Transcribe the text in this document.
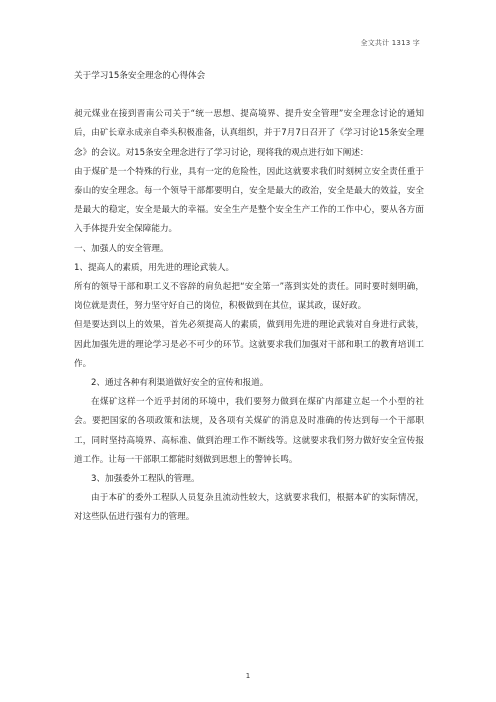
全文共计 1313 字

关于学习15条安全理念的心得体会

昶元煤业在接到晋南公司关于“统一思想、提高境界、提升安全管理”安全理念讨论的通知后，由矿长章永成亲自牵头积极准备，认真组织，并于7月7日召开了《学习讨论15条安全理念》的会议。对15条安全理念进行了学习讨论，现将我的观点进行如下阐述：

由于煤矿是一个特殊的行业，具有一定的危险性，因此这就要求我们时刻树立安全责任重于泰山的安全理念。每一个领导干部都要明白，安全是最大的政治，安全是最大的效益，安全是最大的稳定，安全是最大的幸福。安全生产是整个安全生产工作的工作中心，要从各方面入手体提升安全保障能力。

一、加强人的安全管理。

1、提高人的素质，用先进的理论武装人。

所有的领导干部和职工义不容辞的肩负起把“安全第一”落到实处的责任。同时要时刻明确，岗位就是责任，努力坚守好自己的岗位，积极做到在其位，谋其政，谋好政。

但是要达到以上的效果，首先必须提高人的素质，做到用先进的理论武装对自身进行武装，因此加强先进的理论学习是必不可少的环节。这就要求我们加强对干部和职工的教育培训工作。

2、通过各种有利渠道做好安全的宣传和报道。

在煤矿这样一个近乎封闭的环境中，我们要努力做到在煤矿内部建立起一个小型的社会。要把国家的各项政策和法规，及各项有关煤矿的消息及时准确的传达到每一个干部职工，同时坚持高境界、高标准、做到治理工作不断线等。这就要求我们努力做好安全宣传报道工作。让每一干部职工都能时刻做到思想上的警钟长鸣。

3、加强委外工程队的管理。

由于本矿的委外工程队人员复杂且流动性较大，这就要求我们，根据本矿的实际情况，对这些队伍进行强有力的管理。

1
